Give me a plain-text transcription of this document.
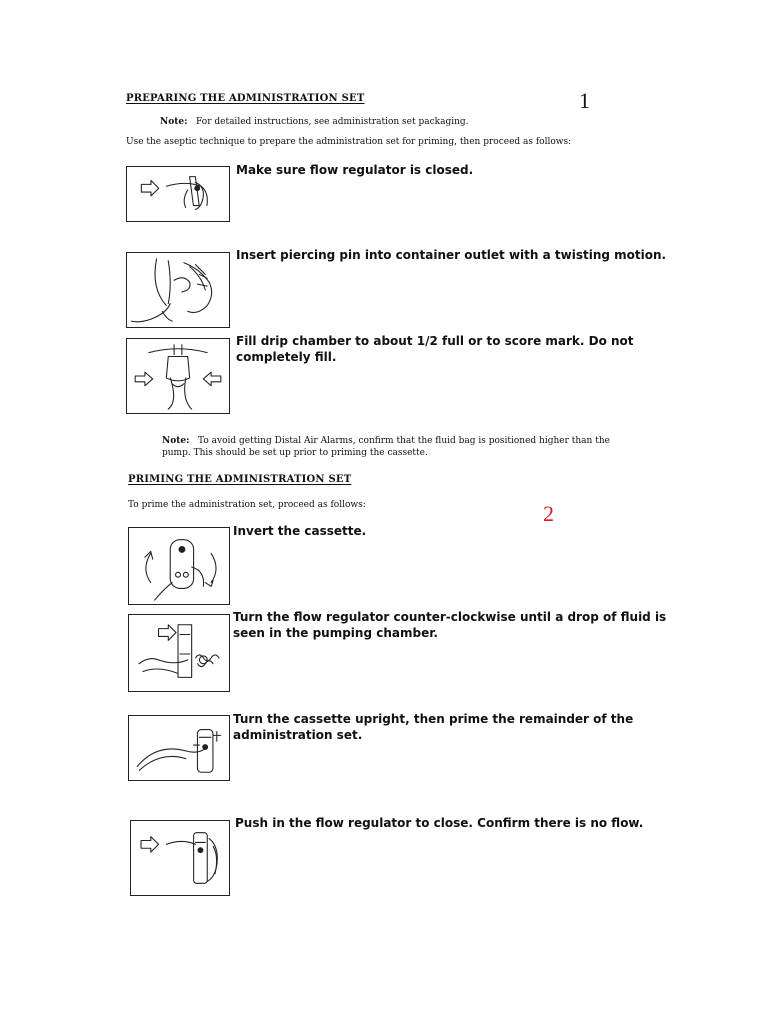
PREPARING THE ADMINISTRATION SET	1
Note: For detailed instructions, see administration set packaging.
Use the aseptic technique to prepare the administration set for priming, then proceed as follows:
Make sure flow regulator is closed.
Insert piercing pin into container outlet with a twisting motion.
Fill drip chamber to about 1/2 full or to score mark. Do not
completely fill.
Note: To avoid getting Distal Air Alarms, confirm that the fluid bag is positioned higher than the
pump. This should be set up prior to priming the cassette.
PRIMING THE ADMINISTRATION SET
To prime the administration set, proceed as follows:	2
Invert the cassette.
Turn the flow regulator counter-clockwise until a drop of fluid is
seen in the pumping chamber.
Turn the cassette upright, then prime the remainder of the
administration set.
Push in the flow regulator to close. Confirm there is no flow.
